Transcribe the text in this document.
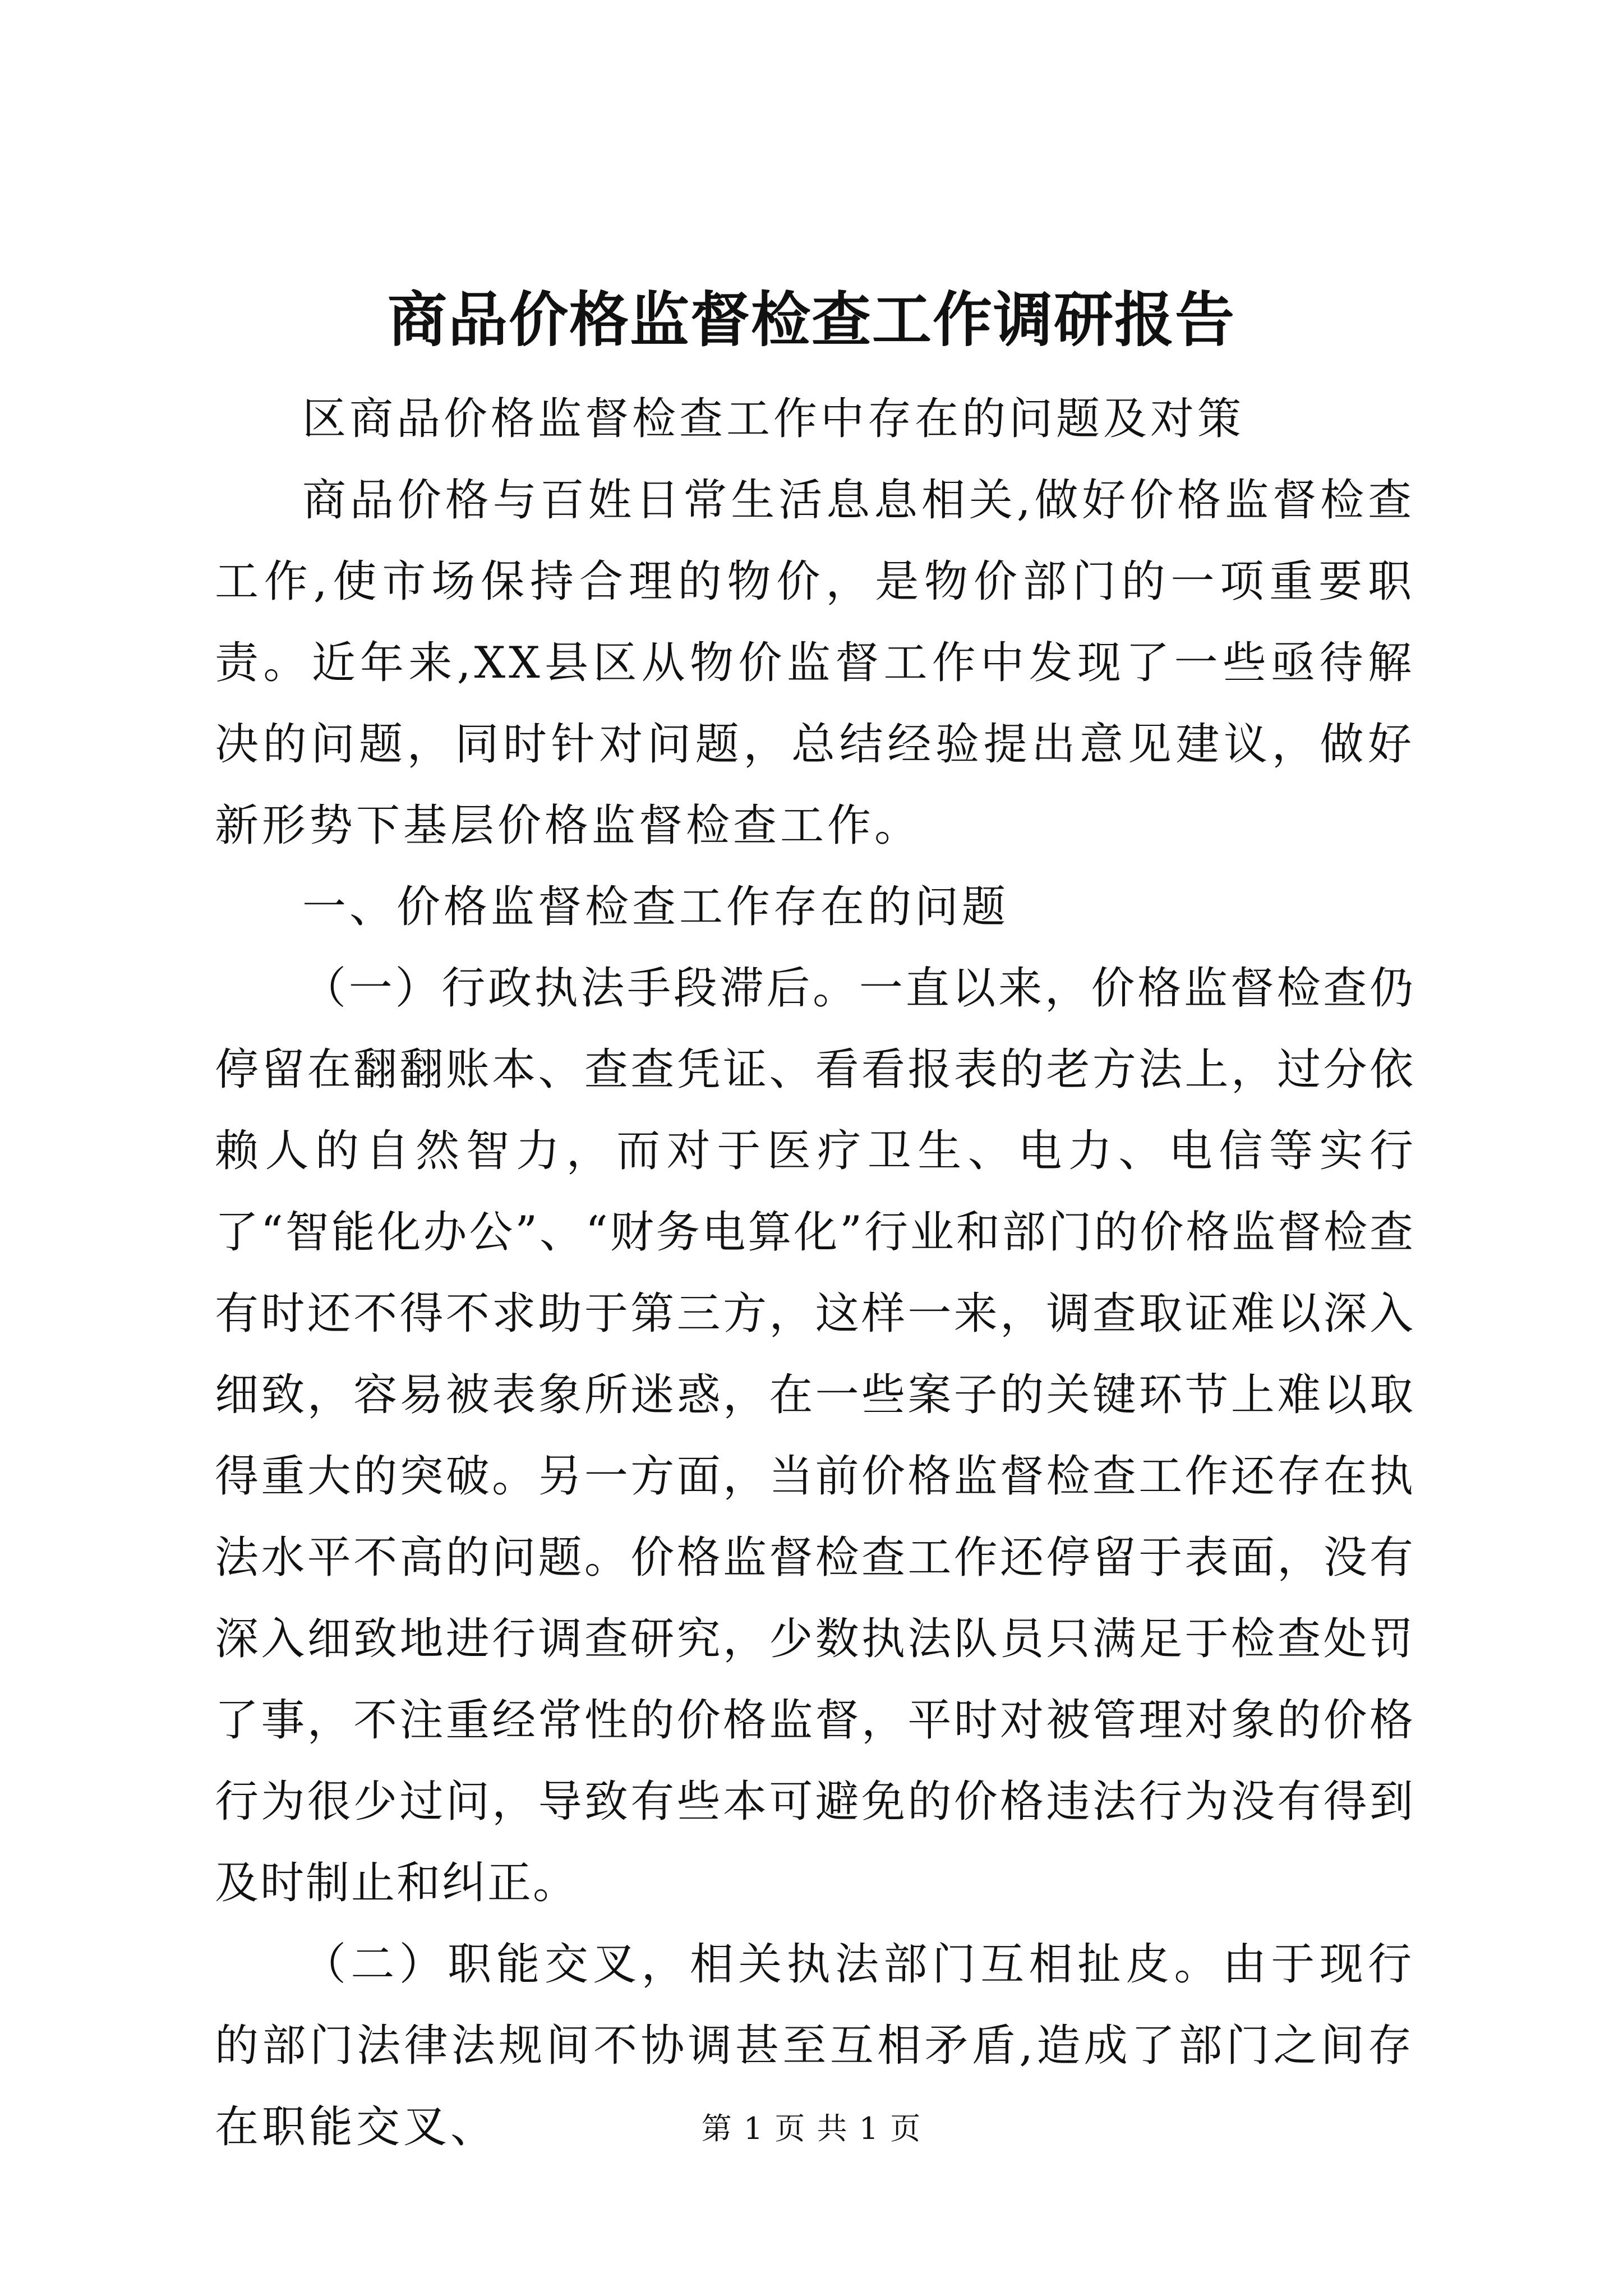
商品价格监督检查工作调研报告

区商品价格监督检查工作中存在的问题及对策

商品价格与百姓日常生活息息相关,做好价格监督检查工作,使市场保持合理的物价，是物价部门的一项重要职责。近年来,XX县区从物价监督工作中发现了一些亟待解决的问题，同时针对问题，总结经验提出意见建议，做好新形势下基层价格监督检查工作。

一、价格监督检查工作存在的问题

（一）行政执法手段滞后。一直以来，价格监督检查仍停留在翻翻账本、查查凭证、看看报表的老方法上，过分依赖人的自然智力，而对于医疗卫生、电力、电信等实行了“智能化办公”、“财务电算化”行业和部门的价格监督检查有时还不得不求助于第三方，这样一来，调查取证难以深入细致，容易被表象所迷惑，在一些案子的关键环节上难以取得重大的突破。另一方面，当前价格监督检查工作还存在执法水平不高的问题。价格监督检查工作还停留于表面，没有深入细致地进行调查研究，少数执法队员只满足于检查处罚了事，不注重经常性的价格监督，平时对被管理对象的价格行为很少过问，导致有些本可避免的价格违法行为没有得到及时制止和纠正。

（二）职能交叉，相关执法部门互相扯皮。由于现行的部门法律法规间不协调甚至互相矛盾,造成了部门之间存在职能交叉、	第 1 页 共 1 页
